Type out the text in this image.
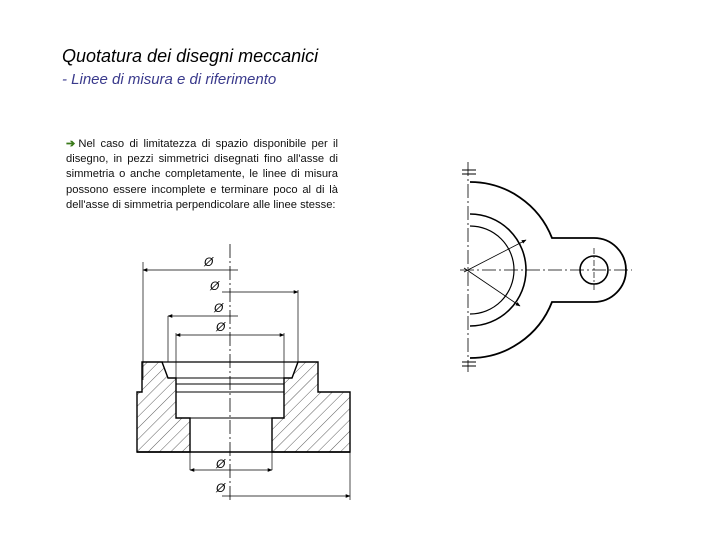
Quotatura dei disegni meccanici
- Linee di misura e di riferimento
➔ Nel caso di limitatezza di spazio disponibile per il disegno, in pezzi simmetrici disegnati fino all'asse di simmetria o anche completamente, le linee di misura possono essere incomplete e terminare poco al di là dell'asse di simmetria perpendicolare alle linee stesse:
Ø
Ø
Ø
Ø
Ø
Ø
